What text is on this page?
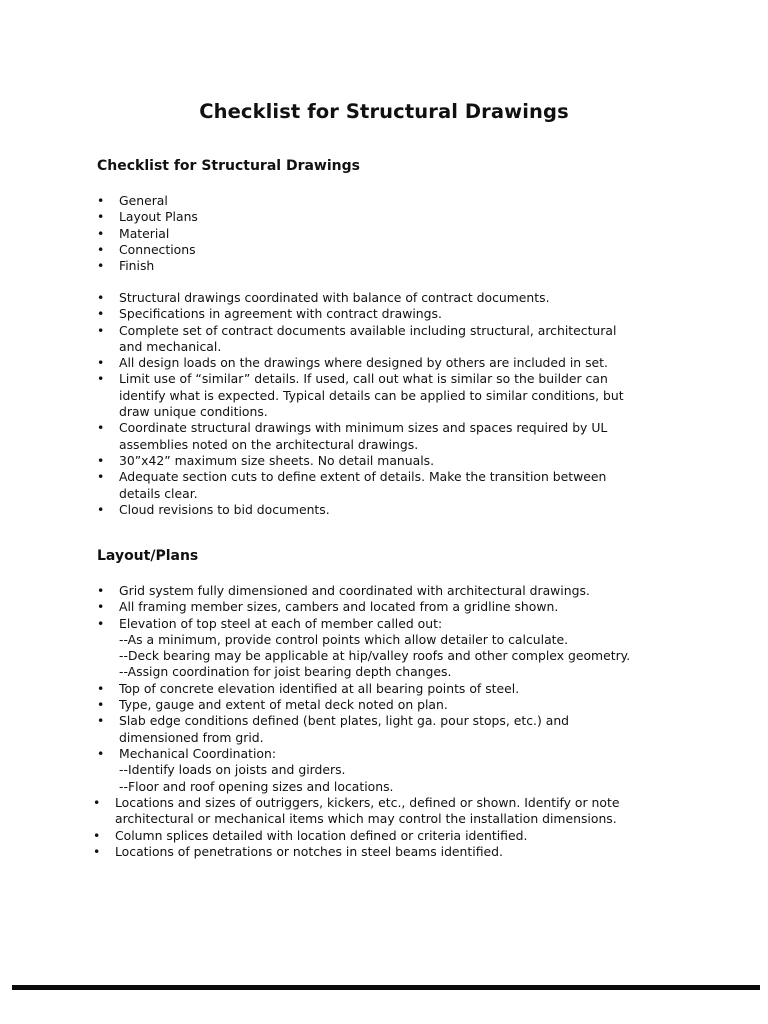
Checklist for Structural Drawings
Checklist for Structural Drawings
• General
• Layout Plans
• Material
• Connections
• Finish
• Structural drawings coordinated with balance of contract documents.
• Specifications in agreement with contract drawings.
• Complete set of contract documents available including structural, architectural
and mechanical.
• All design loads on the drawings where designed by others are included in set.
• Limit use of “similar” details. If used, call out what is similar so the builder can
identify what is expected. Typical details can be applied to similar conditions, but
draw unique conditions.
• Coordinate structural drawings with minimum sizes and spaces required by UL
assemblies noted on the architectural drawings.
• 30”x42” maximum size sheets. No detail manuals.
• Adequate section cuts to define extent of details. Make the transition between
details clear.
• Cloud revisions to bid documents.
Layout/Plans
• Grid system fully dimensioned and coordinated with architectural drawings.
• All framing member sizes, cambers and located from a gridline shown.
• Elevation of top steel at each of member called out:
--As a minimum, provide control points which allow detailer to calculate.
--Deck bearing may be applicable at hip/valley roofs and other complex geometry.
--Assign coordination for joist bearing depth changes.
• Top of concrete elevation identified at all bearing points of steel.
• Type, gauge and extent of metal deck noted on plan.
• Slab edge conditions defined (bent plates, light ga. pour stops, etc.) and
dimensioned from grid.
• Mechanical Coordination:
--Identify loads on joists and girders.
--Floor and roof opening sizes and locations.
• Locations and sizes of outriggers, kickers, etc., defined or shown. Identify or note
architectural or mechanical items which may control the installation dimensions.
• Column splices detailed with location defined or criteria identified.
• Locations of penetrations or notches in steel beams identified.
